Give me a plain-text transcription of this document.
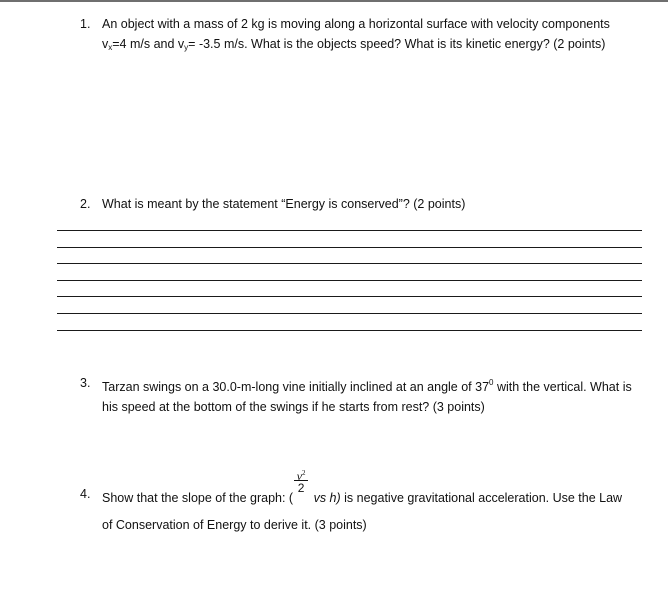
1. An object with a mass of 2 kg is moving along a horizontal surface with velocity components
$v_x=4$ m/s and $v_y= -3.5$ m/s. What is the objects speed? What is its kinetic energy? (2 points)
2. What is meant by the statement “Energy is conserved”? (2 points)
3. Tarzan swings on a 30.0-m-long vine initially inclined at an angle of $37^0$ with the vertical. What is
his speed at the bottom of the swings if he starts from rest? (3 points)
4. Show that the slope of the graph: (
$\frac{v^2}{2}$
vs h) is negative gravitational acceleration. Use the Law
of Conservation of Energy to derive it. (3 points)
